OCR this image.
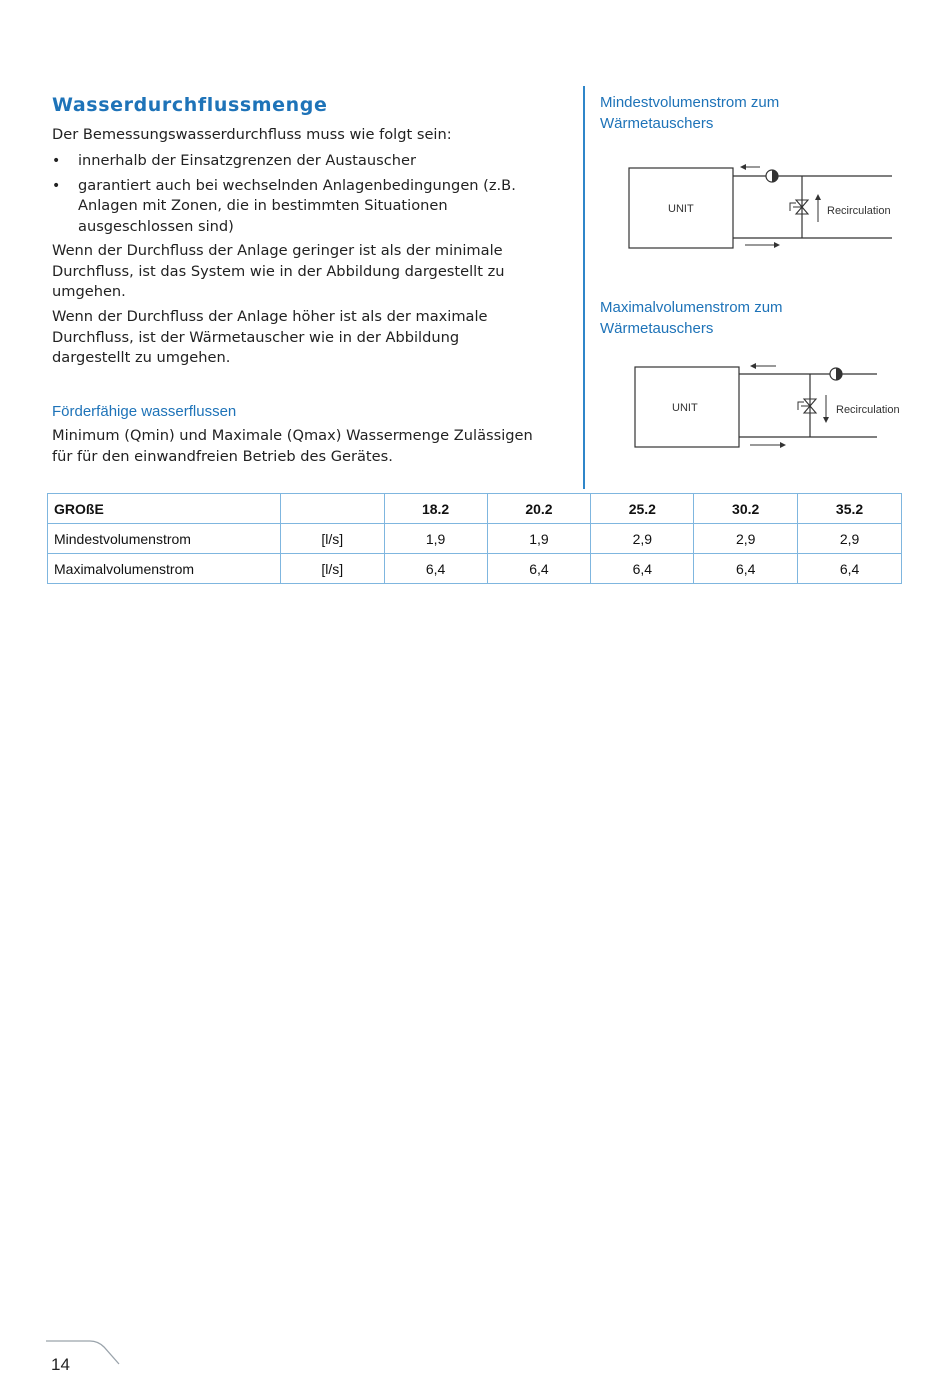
Wasserdurchflussmenge
Der Bemessungswasserdurchfluss muss wie folgt sein:
• innerhalb der Einsatzgrenzen der Austauscher
• garantiert auch bei wechselnden Anlagenbedingungen (z.B. Anlagen mit Zonen, die in bestimmten Situationen ausgeschlossen sind)
Wenn der Durchfluss der Anlage geringer ist als der minimale Durchfluss, ist das System wie in der Abbildung dargestellt zu umgehen.
Wenn der Durchfluss der Anlage höher ist als der maximale Durchfluss, ist der Wärmetauscher wie in der Abbildung dargestellt zu umgehen.
Förderfähige wasserflussen
Minimum (Qmin) und Maximale (Qmax) Wassermenge Zulässigen für für den einwandfreien Betrieb des Gerätes.
Mindestvolumenstrom zum Wärmetauschers
UNIT	Recirculation
Maximalvolumenstrom zum Wärmetauschers
UNIT	Recirculation
GROßE		18.2	20.2	25.2	30.2	35.2
Mindestvolumenstrom	[l/s]	1,9	1,9	2,9	2,9	2,9
Maximalvolumenstrom	[l/s]	6,4	6,4	6,4	6,4	6,4
14
